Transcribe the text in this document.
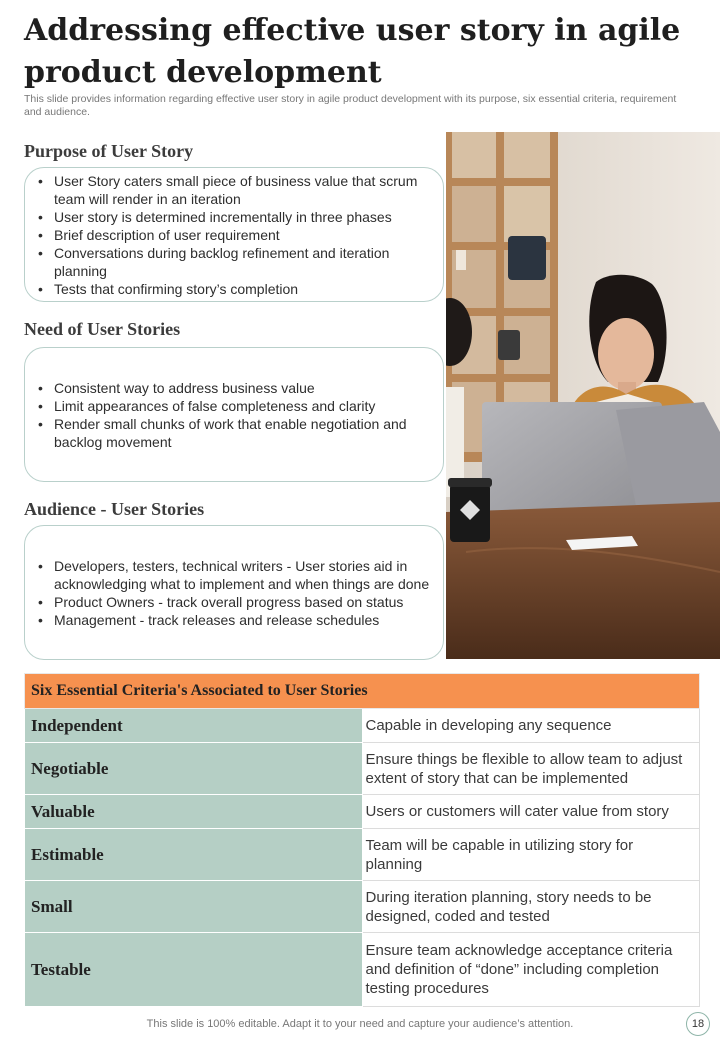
Addressing effective user story in agile product development

This slide provides information regarding effective user story in agile product development with its purpose, six essential criteria, requirement and audience.

Purpose of User Story
• User Story caters small piece of business value that scrum team will render in an iteration
• User story is determined incrementally in three phases
• Brief description of user requirement
• Conversations during backlog refinement and iteration planning
• Tests that confirming story’s completion
Need of User Stories
• Consistent way to address business value
• Limit appearances of false completeness and clarity
• Render small chunks of work that enable negotiation and backlog movement
Audience - User Stories
• Developers, testers, technical writers - User stories aid in acknowledging what to implement and when things are done
• Product Owners - track overall progress based on status
• Management - track releases and release schedules
Six Essential Criteria's Associated to User Stories	
Independent	Capable in developing any sequence
Negotiable	Ensure things be flexible to allow team to adjust extent of story that can be implemented
Valuable	Users or customers will cater value from story
Estimable	Team will be capable in utilizing story for planning
Small	During iteration planning, story needs to be designed, coded and tested
Testable	Ensure team acknowledge acceptance criteria and definition of “done” including completion testing procedures
This slide is 100% editable. Adapt it to your need and capture your audience’s attention.	18
